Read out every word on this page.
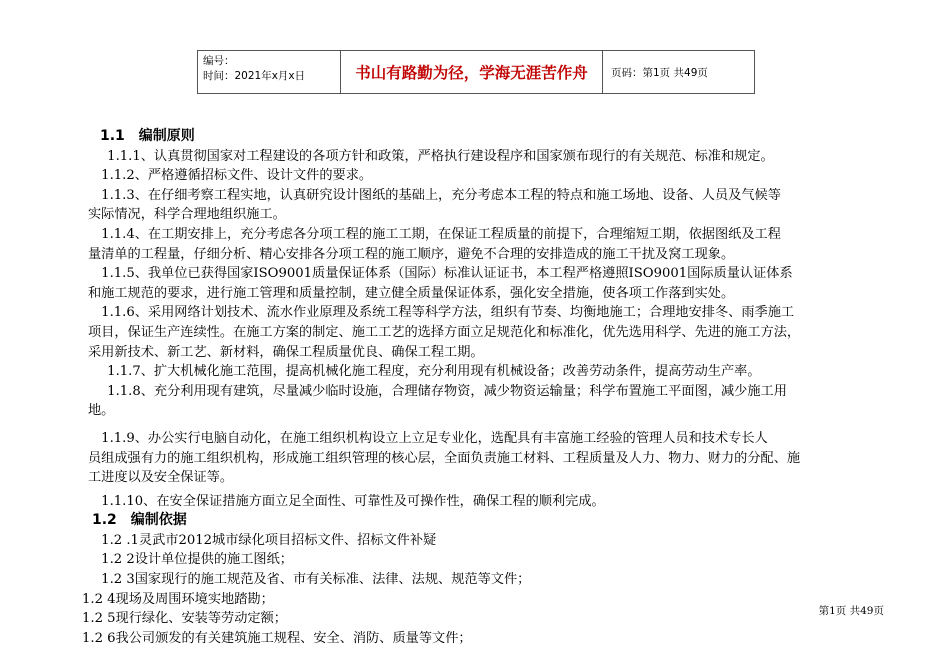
编号：
时间：2021年x月x日	书山有路勤为径，学海无涯苦作舟	页码：第1页 共49页
1.1　编制原则
　1.1.1、认真贯彻国家对工程建设的各项方针和政策，严格执行建设程序和国家颁布现行的有关规范、标准和规定。
　1.1.2、严格遵循招标文件、设计文件的要求。
　1.1.3、在仔细考察工程实地，认真研究设计图纸的基础上，充分考虑本工程的特点和施工场地、设备、人员及气候等
实际情况，科学合理地组织施工。
　1.1.4、在工期安排上，充分考虑各分项工程的施工工期，在保证工程质量的前提下，合理缩短工期，依据图纸及工程
量清单的工程量，仔细分析、精心安排各分项工程的施工顺序，避免不合理的安排造成的施工干扰及窝工现象。
　1.1.5、我单位已获得国家ISO9001质量保证体系（国际）标准认证证书，本工程严格遵照ISO9001国际质量认证体系
和施工规范的要求，进行施工管理和质量控制，建立健全质量保证体系，强化安全措施，使各项工作落到实处。
　1.1.6、采用网络计划技术、流水作业原理及系统工程等科学方法，组织有节奏、均衡地施工；合理地安排冬、雨季施工
项目，保证生产连续性。在施工方案的制定、施工工艺的选择方面立足规范化和标准化，优先选用科学、先进的施工方法，
采用新技术、新工艺、新材料，确保工程质量优良、确保工程工期。
　1.1.7、扩大机械化施工范围，提高机械化施工程度，充分利用现有机械设备；改善劳动条件，提高劳动生产率。
　1.1.8、充分利用现有建筑，尽量减少临时设施，合理储存物资，减少物资运输量；科学布置施工平面图，减少施工用
地。
　1.1.9、办公实行电脑自动化，在施工组织机构设立上立足专业化，选配具有丰富施工经验的管理人员和技术专长人
员组成强有力的施工组织机构，形成施工组织管理的核心层，全面负责施工材料、工程质量及人力、物力、财力的分配、施
工进度以及安全保证等。
　1.1.10、在安全保证措施方面立足全面性、可靠性及可操作性，确保工程的顺利完成。
1.2　编制依据
　1.2 .1灵武市2012城市绿化项目招标文件、招标文件补疑
　1.2 2设计单位提供的施工图纸；
　1.2 3国家现行的施工规范及省、市有关标准、法律、法规、规范等文件；
1.2 4现场及周围环境实地踏勘；
1.2 5现行绿化、安装等劳动定额；
1.2 6我公司颁发的有关建筑施工规程、安全、消防、质量等文件；
第1页 共49页
